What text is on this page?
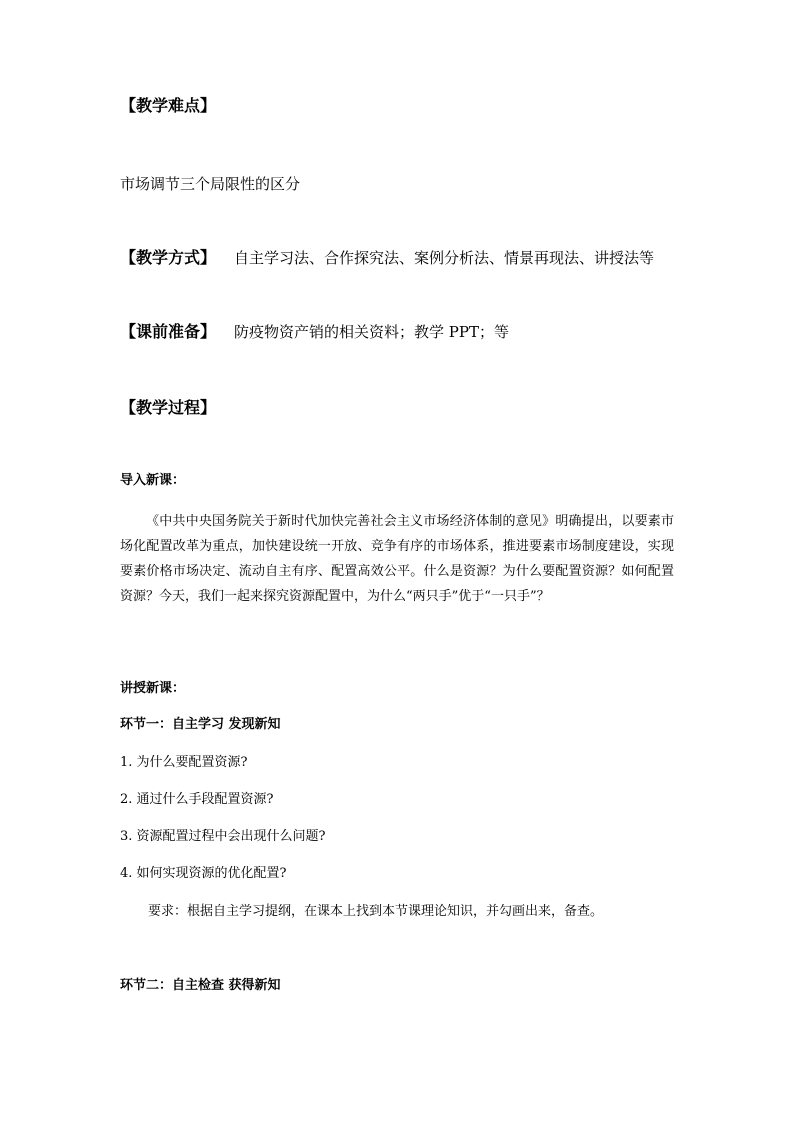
【教学难点】
市场调节三个局限性的区分
【教学方式】 自主学习法、合作探究法、案例分析法、情景再现法、讲授法等
【课前准备】 防疫物资产销的相关资料；教学 PPT；等
【教学过程】
导入新课：

《中共中央国务院关于新时代加快完善社会主义市场经济体制的意见》明确提出，以要素市场化配置改革为重点，加快建设统一开放、竞争有序的市场体系，推进要素市场制度建设，实现要素价格市场决定、流动自主有序、配置高效公平。什么是资源？为什么要配置资源？如何配置资源？今天，我们一起来探究资源配置中，为什么“两只手”优于“一只手”？

讲授新课：
环节一：自主学习 发现新知
1. 为什么要配置资源?
2. 通过什么手段配置资源?
3. 资源配置过程中会出现什么问题?
4. 如何实现资源的优化配置?
要求：根据自主学习提纲，在课本上找到本节课理论知识，并勾画出来，备查。
环节二：自主检查 获得新知
